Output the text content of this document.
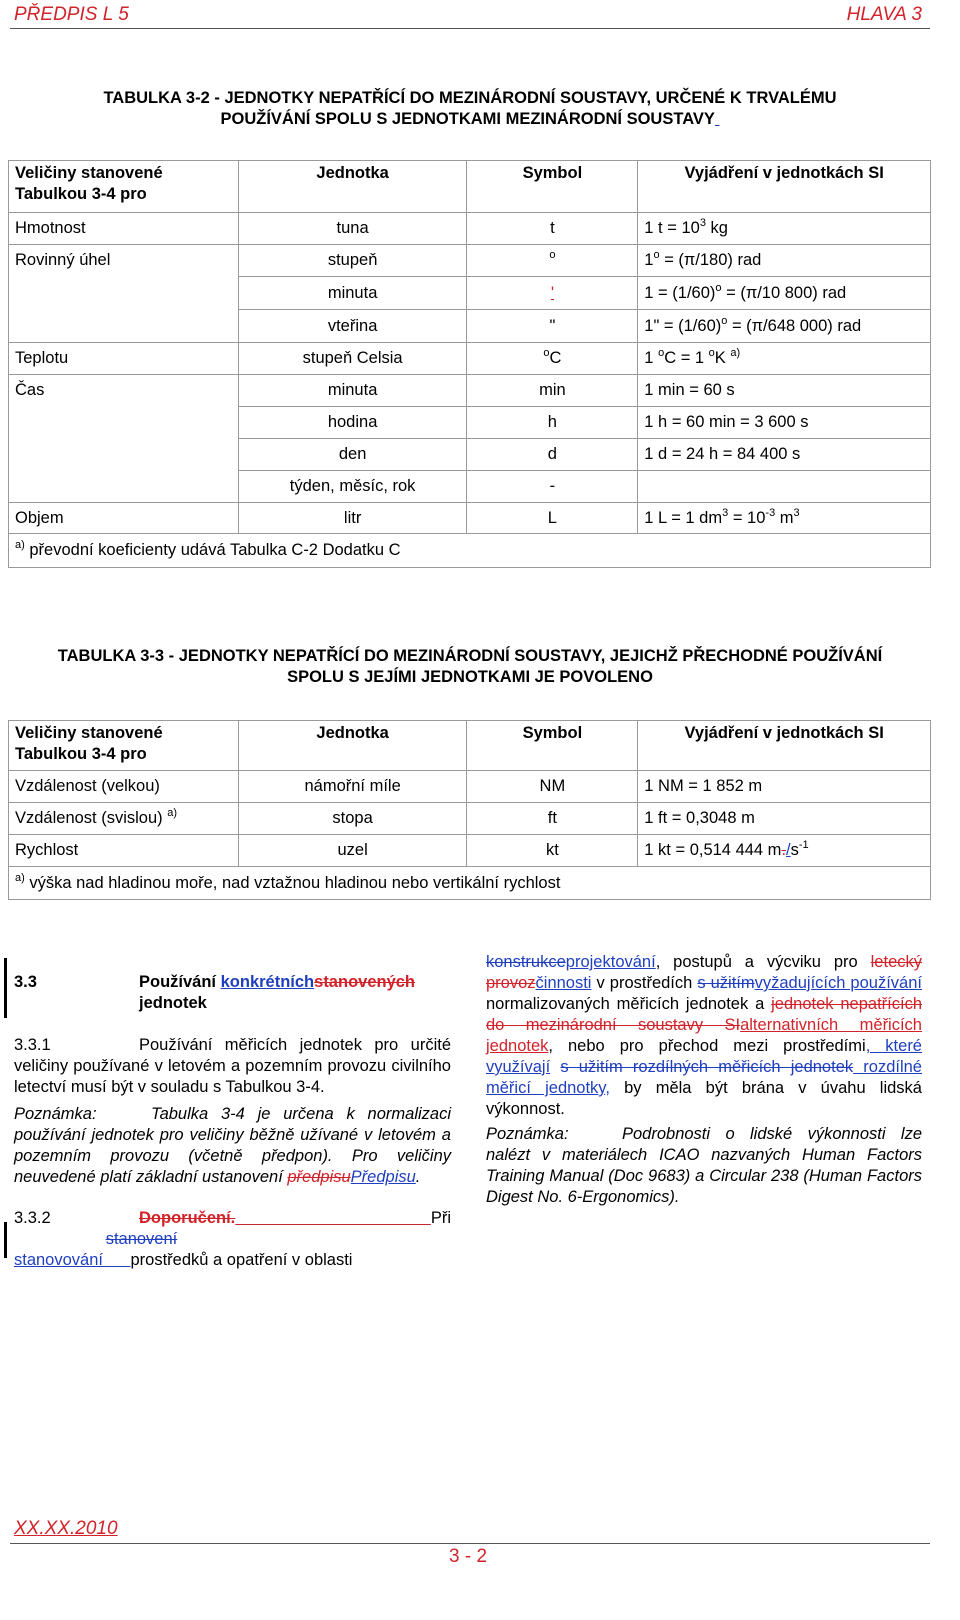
PŘEDPIS L 5	HLAVA 3
TABULKA 3-2 - JEDNOTKY NEPATŘÍCÍ DO MEZINÁRODNÍ SOUSTAVY, URČENÉ K TRVALÉMU
POUŽÍVÁNÍ SPOLU S JEDNOTKAMI MEZINÁRODNÍ SOUSTAVY
Veličiny stanovené Tabulkou 3-4 pro	Jednotka	Symbol	Vyjádření v jednotkách SI
Hmotnost	tuna	t	1 $t = 10^3$ kg
Rovinný úhel	stupeň	$^o$	$1^o = (\pi/180)$ rad
	minuta	'	$1 = (1/60)^o = (\pi/10$ 800) rad
	vteřina	"	1" = $(1/60)^o = (\pi/648$ 000) rad
Teplotu	stupeň Celsia	$^o$C	1 $^o$C = 1 $^o$K $^{a)}$
Čas	minuta	min	1 min = 60 s
	hodina	h	1 h = 60 min = 3 600 s
	den	d	1 d = 24 h = 84 400 s
	týden, měsíc, rok	-	
Objem	litr	L	1 L = 1 $dm^3 = 10^{-3}$ $m^3$
$^{a)}$ převodní koeficienty udává Tabulka C-2 Dodatku C			
TABULKA 3-3 - JEDNOTKY NEPATŘÍCÍ DO MEZINÁRODNÍ SOUSTAVY, JEJICHŽ PŘECHODNÉ POUŽÍVÁNÍ
SPOLU S JEJÍMI JEDNOTKAMI JE POVOLENO
Veličiny stanovené Tabulkou 3-4 pro	Jednotka	Symbol	Vyjádření v jednotkách SI
Vzdálenost (velkou)	námořní míle	NM	1 NM = 1 852 m
Vzdálenost (svislou) $^{a)}$	stopa	ft	1 ft = 0,3048 m
Rychlost	uzel	kt	1 kt = 0,514 444 $m./s^{-1}$
$^{a)}$ výška nad hladinou moře, nad vztažnou hladinou nebo vertikální rychlost			
3.3	Používání konkrétníchstanovených
jednotek
3.3.1	Používání měřicích jednotek pro určité veličiny používané v letovém a pozemním provozu civilního letectví musí být v souladu s Tabulkou 3-4.
Poznámka:	Tabulka 3-4 je určena k normalizaci používání jednotek pro veličiny běžně užívané v letovém a pozemním provozu (včetně předpon). Pro veličiny neuvedené platí základní ustanovení předpisuPředpisu.
3.3.2	Doporučení.	Při                     stanovení
stanovování prostředků a opatření v oblasti
konstrukceprojektování, postupů a výcviku pro letecký provozčinnosti v prostředích s užitímvyžadujících používání normalizovaných měřicích jednotek a jednotek nepatřících do mezinárodní soustavy SIalternativních měřicích jednotek, nebo pro přechod mezi prostředími, které využívají s užitím rozdílných měřicích jednotek rozdílné měřicí jednotky, by měla být brána v úvahu lidská výkonnost.
Poznámka:	Podrobnosti o lidské výkonnosti lze nalézt v materiálech ICAO nazvaných Human Factors Training Manual (Doc 9683) a Circular 238 (Human Factors Digest No. 6-Ergonomics).
XX.XX.2010
3 - 2
